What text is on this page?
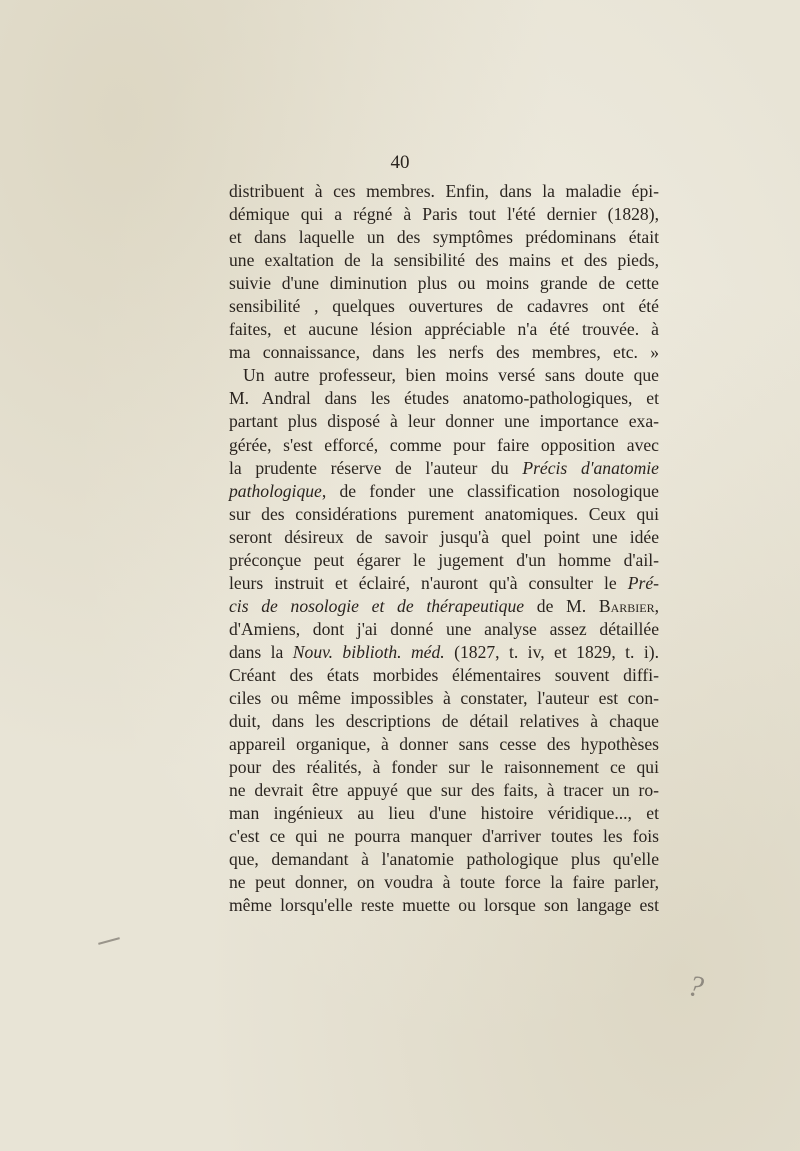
40
distribuent à ces membres. Enfin, dans la maladie épi-
démique qui a régné à Paris tout l'été dernier (1828),
et dans laquelle un des symptômes prédominans était
une exaltation de la sensibilité des mains et des pieds,
suivie d'une diminution plus ou moins grande de cette
sensibilité , quelques ouvertures de cadavres ont été
faites, et aucune lésion appréciable n'a été trouvée. à
ma connaissance, dans les nerfs des membres, etc. »
Un autre professeur, bien moins versé sans doute que
M. Andral dans les études anatomo-pathologiques, et
partant plus disposé à leur donner une importance exa-
gérée, s'est efforcé, comme pour faire opposition avec
la prudente réserve de l'auteur du Précis d'anatomie
pathologique, de fonder une classification nosologique
sur des considérations purement anatomiques. Ceux qui
seront désireux de savoir jusqu'à quel point une idée
préconçue peut égarer le jugement d'un homme d'ail-
leurs instruit et éclairé, n'auront qu'à consulter le Pré-
cis de nosologie et de thérapeutique de M. Barbier,
d'Amiens, dont j'ai donné une analyse assez détaillée
dans la Nouv. biblioth. méd. (1827, t. iv, et 1829, t. i).
Créant des états morbides élémentaires souvent diffi-
ciles ou même impossibles à constater, l'auteur est con-
duit, dans les descriptions de détail relatives à chaque
appareil organique, à donner sans cesse des hypothèses
pour des réalités, à fonder sur le raisonnement ce qui
ne devrait être appuyé que sur des faits, à tracer un ro-
man ingénieux au lieu d'une histoire véridique..., et
c'est ce qui ne pourra manquer d'arriver toutes les fois
que, demandant à l'anatomie pathologique plus qu'elle
ne peut donner, on voudra à toute force la faire parler,
même lorsqu'elle reste muette ou lorsque son langage est
?
